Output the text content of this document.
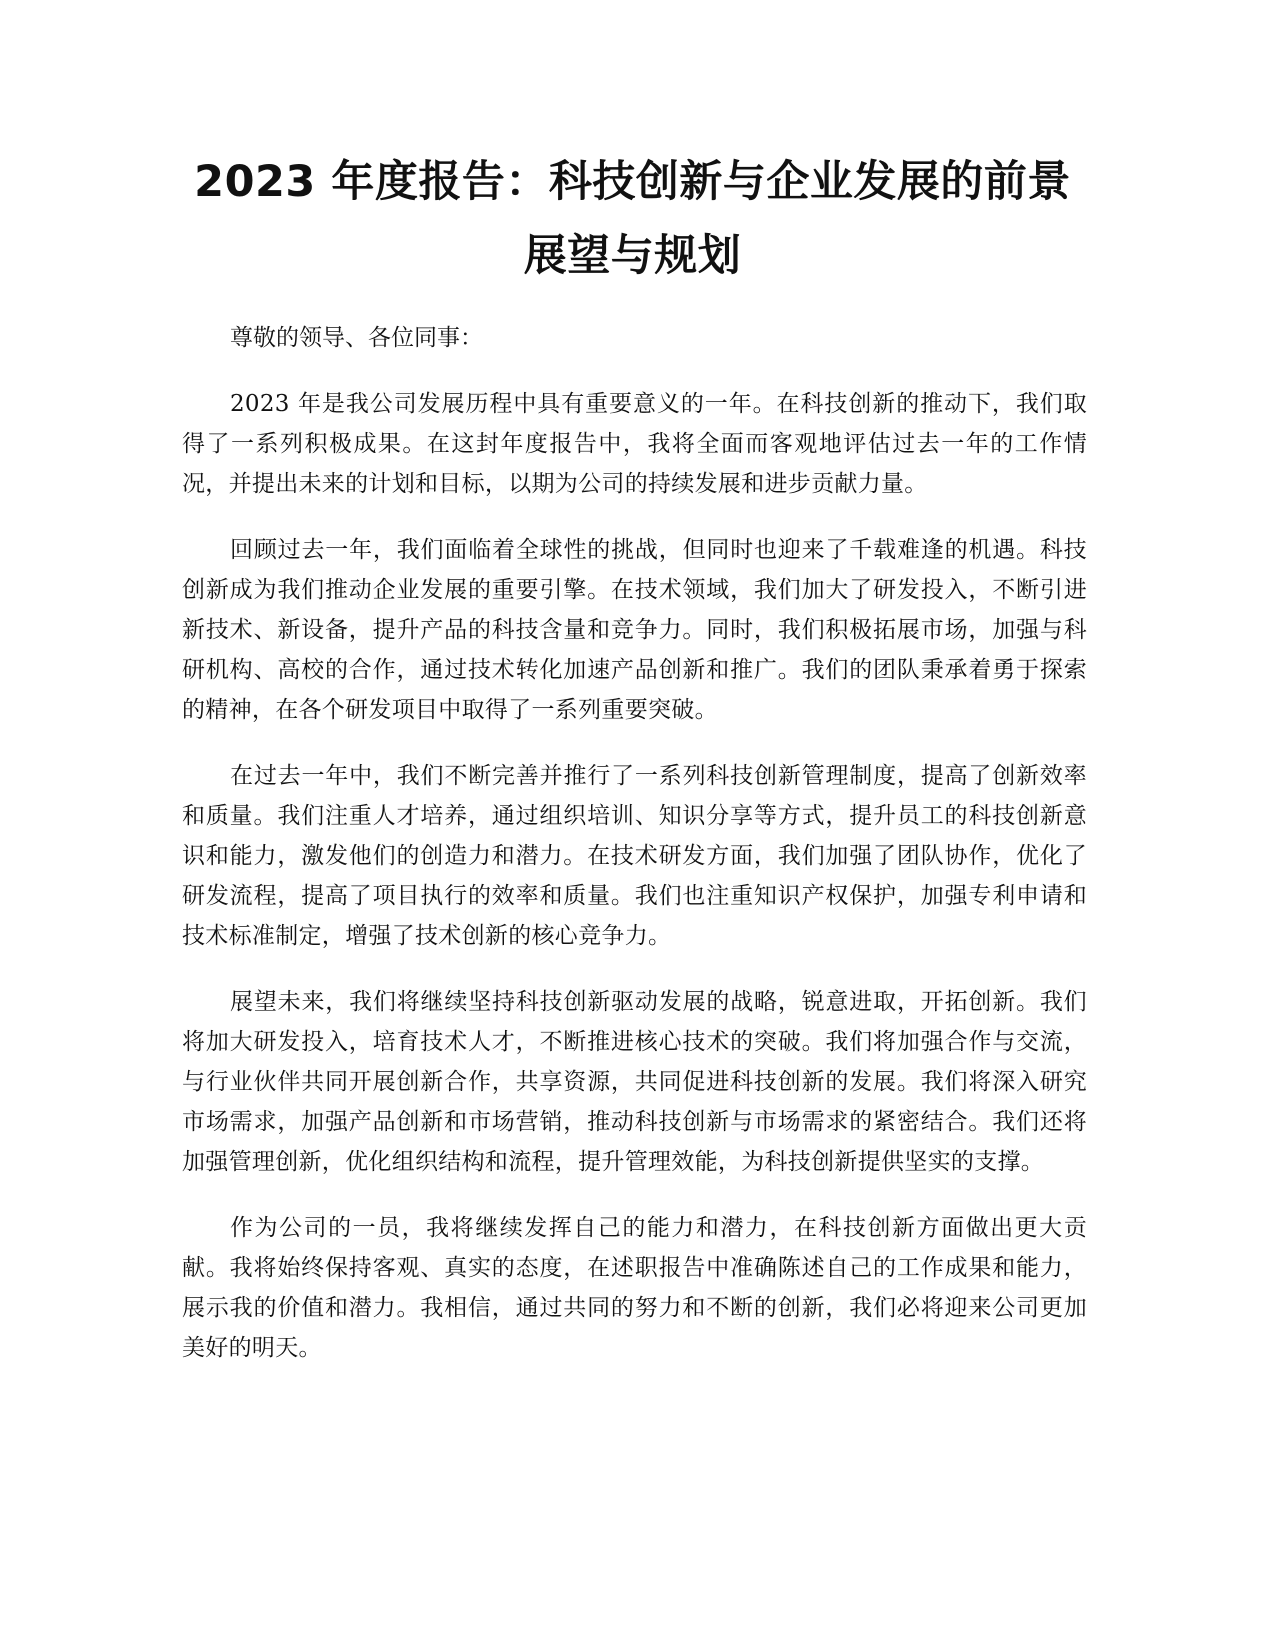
2023 年度报告：科技创新与企业发展的前景展望与规划

尊敬的领导、各位同事：

2023 年是我公司发展历程中具有重要意义的一年。在科技创新的推动下，我们取得了一系列积极成果。在这封年度报告中，我将全面而客观地评估过去一年的工作情况，并提出未来的计划和目标，以期为公司的持续发展和进步贡献力量。

回顾过去一年，我们面临着全球性的挑战，但同时也迎来了千载难逢的机遇。科技创新成为我们推动企业发展的重要引擎。在技术领域，我们加大了研发投入，不断引进新技术、新设备，提升产品的科技含量和竞争力。同时，我们积极拓展市场，加强与科研机构、高校的合作，通过技术转化加速产品创新和推广。我们的团队秉承着勇于探索的精神，在各个研发项目中取得了一系列重要突破。

在过去一年中，我们不断完善并推行了一系列科技创新管理制度，提高了创新效率和质量。我们注重人才培养，通过组织培训、知识分享等方式，提升员工的科技创新意识和能力，激发他们的创造力和潜力。在技术研发方面，我们加强了团队协作，优化了研发流程，提高了项目执行的效率和质量。我们也注重知识产权保护，加强专利申请和技术标准制定，增强了技术创新的核心竞争力。

展望未来，我们将继续坚持科技创新驱动发展的战略，锐意进取，开拓创新。我们将加大研发投入，培育技术人才，不断推进核心技术的突破。我们将加强合作与交流，与行业伙伴共同开展创新合作，共享资源，共同促进科技创新的发展。我们将深入研究市场需求，加强产品创新和市场营销，推动科技创新与市场需求的紧密结合。我们还将加强管理创新，优化组织结构和流程，提升管理效能，为科技创新提供坚实的支撑。

作为公司的一员，我将继续发挥自己的能力和潜力，在科技创新方面做出更大贡献。我将始终保持客观、真实的态度，在述职报告中准确陈述自己的工作成果和能力，展示我的价值和潜力。我相信，通过共同的努力和不断的创新，我们必将迎来公司更加美好的明天。
